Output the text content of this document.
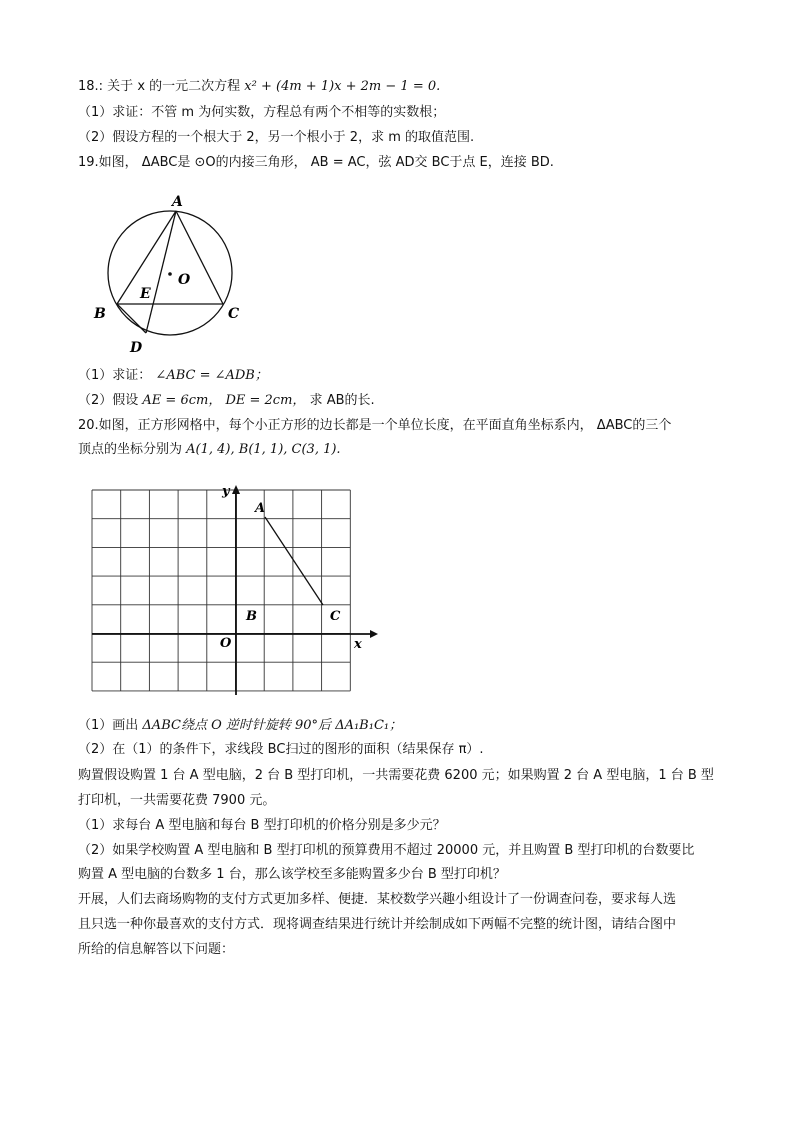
18.: 关于 x 的一元二次方程 x² + (4m + 1)x + 2m − 1 = 0.
（1）求证：不管 m 为何实数，方程总有两个不相等的实数根；
（2）假设方程的一个根大于 2，另一个根小于 2，求 m 的取值范围.
19.如图， ΔABC是 ⊙O的内接三角形， AB = AC，弦 AD交 BC于点 E，连接 BD.
A
B	C
D
E
O
（1）求证： ∠ABC = ∠ADB；
（2）假设 AE = 6cm， DE = 2cm， 求 AB的长.
20.如图，正方形网格中，每个小正方形的边长都是一个单位长度，在平面直角坐标系内， ΔABC的三个
顶点的坐标分别为 A(1, 4), B(1, 1), C(3, 1).
x
y
O
A
B	C
（1）画出 ΔABC绕点 O 逆时针旋转 90°后 ΔA₁B₁C₁；
（2）在（1）的条件下，求线段 BC扫过的图形的面积（结果保存 π）.
购置假设购置 1 台 A 型电脑，2 台 B 型打印机，一共需要花费 6200 元；如果购置 2 台 A 型电脑，1 台 B 型
打印机，一共需要花费 7900 元。
（1）求每台 A 型电脑和每台 B 型打印机的价格分别是多少元？
（2）如果学校购置 A 型电脑和 B 型打印机的预算费用不超过 20000 元，并且购置 B 型打印机的台数要比
购置 A 型电脑的台数多 1 台，那么该学校至多能购置多少台 B 型打印机？
开展，人们去商场购物的支付方式更加多样、便捷．某校数学兴趣小组设计了一份调查问卷，要求每人选
且只选一种你最喜欢的支付方式．现将调查结果进行统计并绘制成如下两幅不完整的统计图，请结合图中
所给的信息解答以下问题：
